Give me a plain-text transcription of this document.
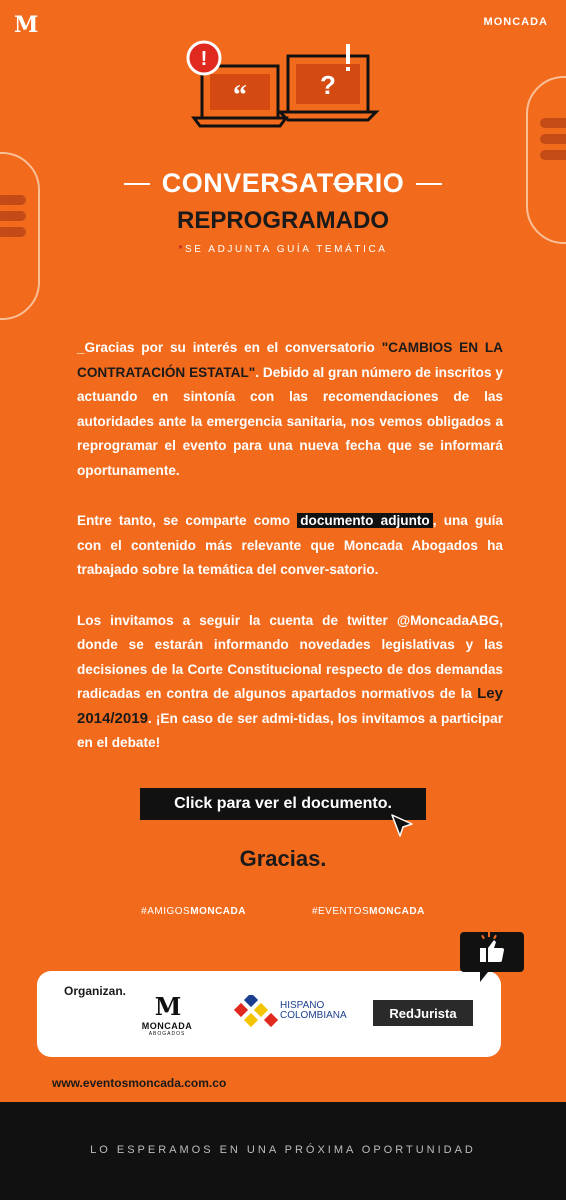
M	MONCADA
!
“	?
CONVERSATORIO
REPROGRAMADO
*SE ADJUNTA GUÍA TEMÁTICA

_Gracias por su interés en el conversatorio "CAMBIOS EN LA CONTRATACIÓN ESTATAL". Debido al gran número de inscritos y actuando en sintonía con las recomendaciones de las autoridades ante la emergencia sanitaria, nos vemos obligados a reprogramar el evento para una nueva fecha que se informará oportunamente.

Entre tanto, se comparte como documento adjunto , una guía con el contenido más relevante que Moncada Abogados ha trabajado sobre la temática del conver-satorio.

Los invitamos a seguir la cuenta de twitter @MoncadaABG, donde se estarán informando novedades legislativas y las decisiones de la Corte Constitucional respecto de dos demandas radicadas en contra de algunos apartados normativos de la Ley 2014/2019. ¡En caso de ser admi-tidas, los invitamos a participar en el debate!

Click para ver el documento.
Gracias.
#AMIGOSMONCADA	#EVENTOSMONCADA
Organizan.
M
MONCADA
ABOGADOS
HISPANO
COLOMBIANA	RedJurista
www.eventosmoncada.com.co
LO ESPERAMOS EN UNA PRÓXIMA OPORTUNIDAD
